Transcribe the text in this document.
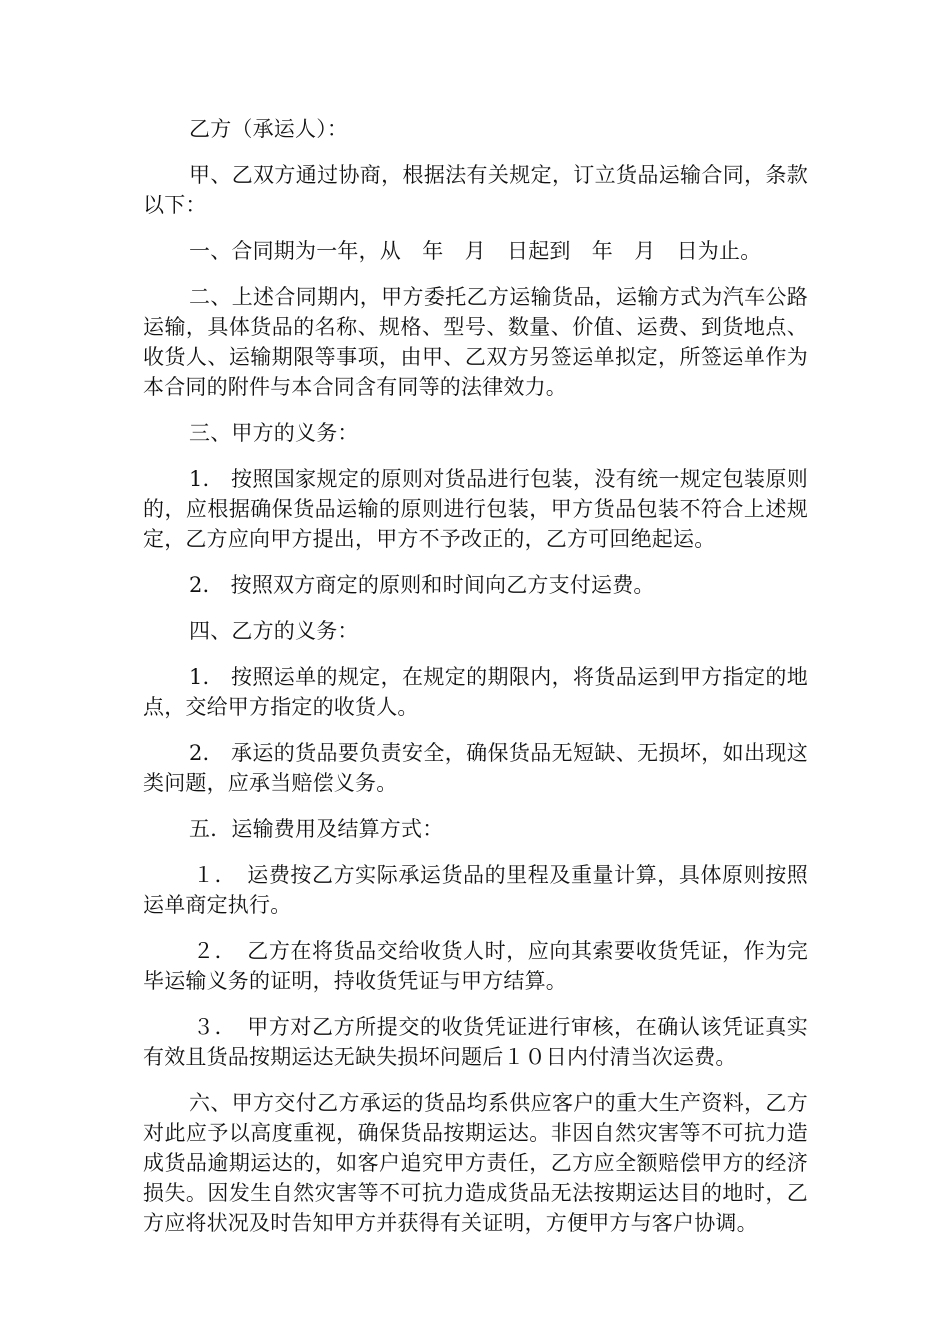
乙方（承运人）：

甲、乙双方通过协商，根据法有关规定，订立货品运输合同，条款以下：

一、合同期为一年，从　年　月　日起到　年　月　日为止。

二、上述合同期内，甲方委托乙方运输货品，运输方式为汽车公路运输，具体货品的名称、规格、型号、数量、价值、运费、到货地点、收货人、运输期限等事项，由甲、乙双方另签运单拟定，所签运单作为本合同的附件与本合同含有同等的法律效力。

三、甲方的义务：

1.　按照国家规定的原则对货品进行包装，没有统一规定包装原则的，应根据确保货品运输的原则进行包装，甲方货品包装不符合上述规定，乙方应向甲方提出，甲方不予改正的，乙方可回绝起运。

2.　按照双方商定的原则和时间向乙方支付运费。

四、乙方的义务：

1.　按照运单的规定，在规定的期限内，将货品运到甲方指定的地点，交给甲方指定的收货人。

2.　承运的货品要负责安全，确保货品无短缺、无损坏，如出现这类问题，应承当赔偿义务。

五．运输费用及结算方式：

１．　运费按乙方实际承运货品的里程及重量计算，具体原则按照运单商定执行。

２．　乙方在将货品交给收货人时，应向其索要收货凭证，作为完毕运输义务的证明，持收货凭证与甲方结算。

３．　甲方对乙方所提交的收货凭证进行审核，在确认该凭证真实有效且货品按期运达无缺失损坏问题后１０日内付清当次运费。

六、甲方交付乙方承运的货品均系供应客户的重大生产资料，乙方对此应予以高度重视，确保货品按期运达。非因自然灾害等不可抗力造成货品逾期运达的，如客户追究甲方责任，乙方应全额赔偿甲方的经济损失。因发生自然灾害等不可抗力造成货品无法按期运达目的地时，乙方应将状况及时告知甲方并获得有关证明，方便甲方与客户协调。
